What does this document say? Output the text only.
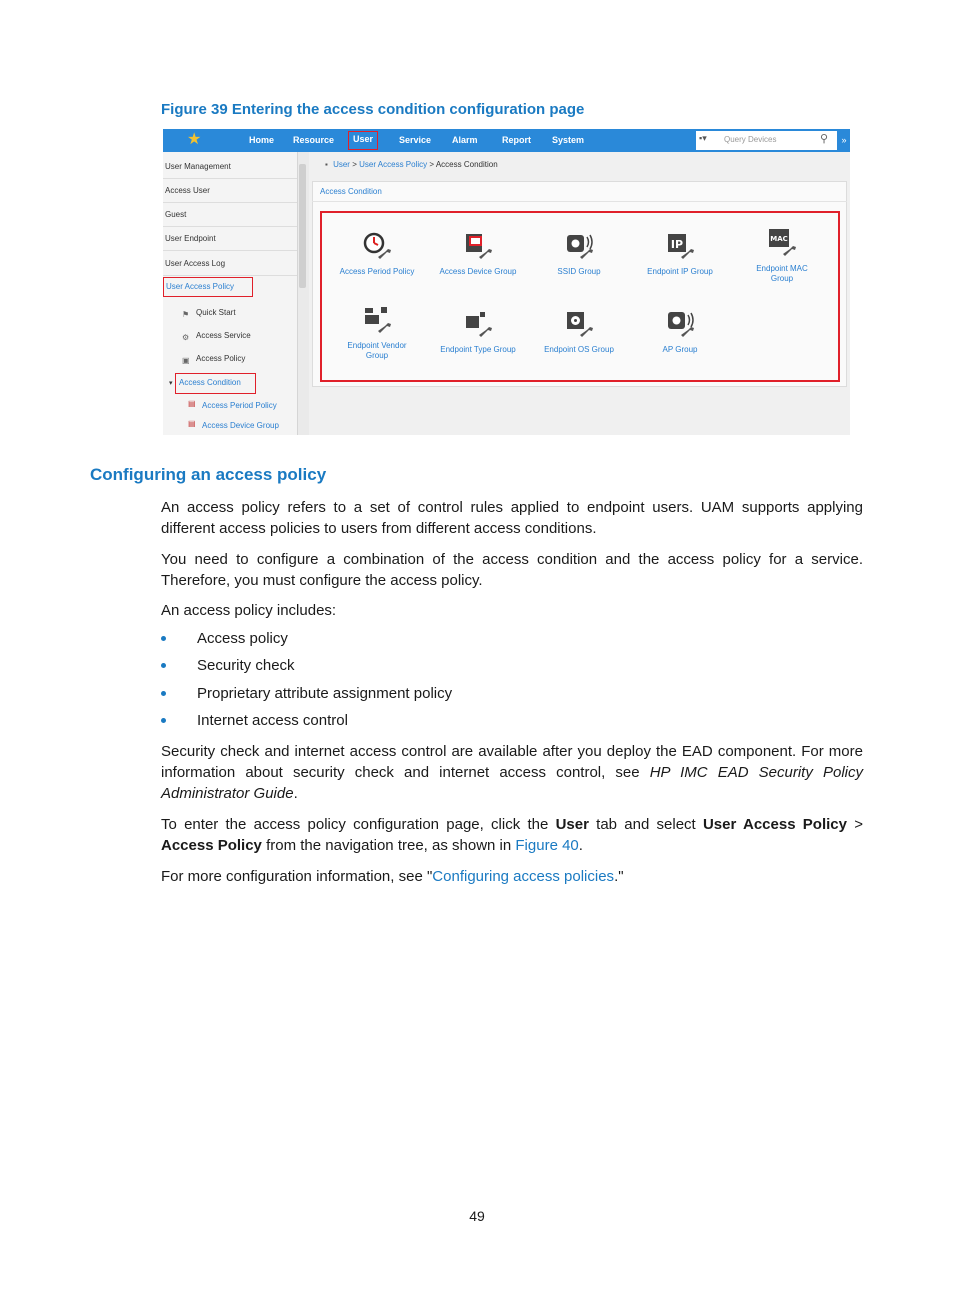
Figure 39 Entering the access condition configuration page
★	Home Resource	User	Service Alarm	Report System	▪▾ Query Devices	⚲	»
User Management
Access User
Guest
User Endpoint
User Access Log
User Access Policy
⚑ Quick Start
⚙ Access Service
▣ Access Policy
▾ Access Condition
▤ Access Period Policy
▤ Access Device Group
▪ User > User Access Policy > Access Condition
Access Condition
Access Period Policy	Access Device Group	SSID Group
IP
Endpoint IP Group
MAC
Endpoint MAC Group
Endpoint Vendor Group
Endpoint Type Group	Endpoint OS Group	AP Group
Configuring an access policy
An access policy refers to a set of control rules applied to endpoint users. UAM supports applying different access policies to users from different access conditions.
You need to configure a combination of the access condition and the access policy for a service. Therefore, you must configure the access policy.
An access policy includes:
Access policy
Security check
Proprietary attribute assignment policy
Internet access control
Security check and internet access control are available after you deploy the EAD component. For more information about security check and internet access control, see HP IMC EAD Security Policy Administrator Guide.
To enter the access policy configuration page, click the User tab and select User Access Policy > Access Policy from the navigation tree, as shown in Figure 40.
For more configuration information, see "Configuring access policies."
49
